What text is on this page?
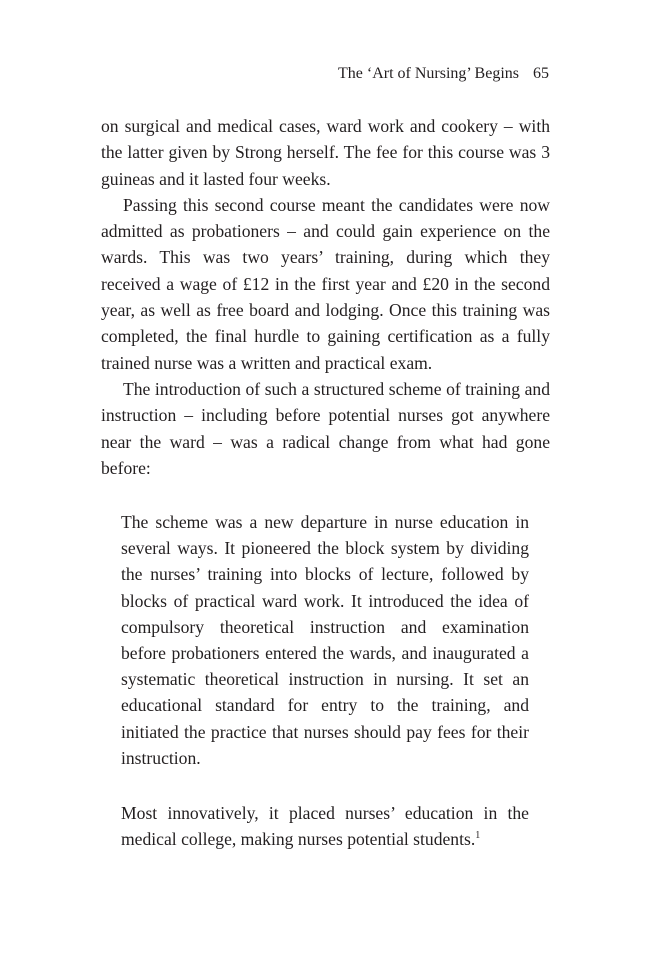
The ‘Art of Nursing’ Begins 65

on surgical and medical cases, ward work and cookery – with the latter given by Strong herself. The fee for this course was 3 guineas and it lasted four weeks.

Passing this second course meant the candidates were now admitted as probationers – and could gain experience on the wards. This was two years’ training, during which they received a wage of £12 in the first year and £20 in the second year, as well as free board and lodging. Once this training was completed, the final hurdle to gaining certification as a fully trained nurse was a written and practical exam.

The introduction of such a structured scheme of training and instruction – including before potential nurses got anywhere near the ward – was a radical change from what had gone before:

The scheme was a new departure in nurse education in several ways. It pioneered the block system by dividing the nurses’ training into blocks of lecture, followed by blocks of practical ward work. It introduced the idea of compulsory theoretical instruction and examination before probationers entered the wards, and inaugurated a systematic theoretical instruction in nursing. It set an educational standard for entry to the training, and initiated the practice that nurses should pay fees for their instruction.

Most innovatively, it placed nurses’ education in the medical college, making nurses potential students.$^1$
